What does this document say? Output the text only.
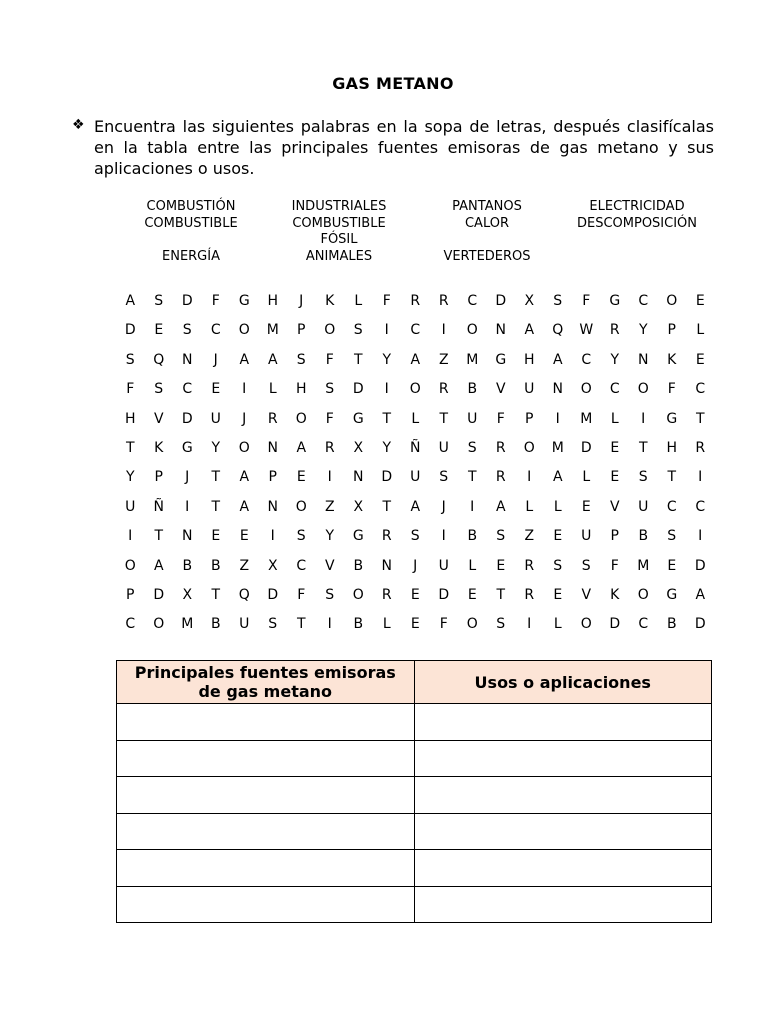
GAS METANO
❖ Encuentra las siguientes palabras en la sopa de letras, después clasifícalas en la tabla entre las principales fuentes emisoras de gas metano y sus aplicaciones o usos.
COMBUSTIÓN
COMBUSTIBLE
ENERGÍA
INDUSTRIALES
COMBUSTIBLE
FÓSIL
ANIMALES
PANTANOS
CALOR
VERTEDEROS
ELECTRICIDAD
DESCOMPOSICIÓN
A	S	D	F	G	H	J	K	L	F	R	R	C	D	X	S	F	G	C	O	E
D	E	S	C	O	M	P	O	S	I	C	I	O	N	A	Q	W	R	Y	P	L
S	Q	N	J	A	A	S	F	T	Y	A	Z	M	G	H	A	C	Y	N	K	E
F	S	C	E	I	L	H	S	D	I	O	R	B	V	U	N	O	C	O	F	C
H	V	D	U	J	R	O	F	G	T	L	T	U	F	P	I	M	L	I	G	T
T	K	G	Y	O	N	A	R	X	Y	Ñ	U	S	R	O	M	D	E	T	H	R
Y	P	J	T	A	P	E	I	N	D	U	S	T	R	I	A	L	E	S	T	I
U	Ñ	I	T	A	N	O	Z	X	T	A	J	I	A	L	L	E	V	U	C	C
I	T	N	E	E	I	S	Y	G	R	S	I	B	S	Z	E	U	P	B	S	I
O	A	B	B	Z	X	C	V	B	N	J	U	L	E	R	S	S	F	M	E	D
P	D	X	T	Q	D	F	S	O	R	E	D	E	T	R	E	V	K	O	G	A
C	O	M	B	U	S	T	I	B	L	E	F	O	S	I	L	O	D	C	B	D
Principales fuentes emisoras de gas metano	Usos o aplicaciones
